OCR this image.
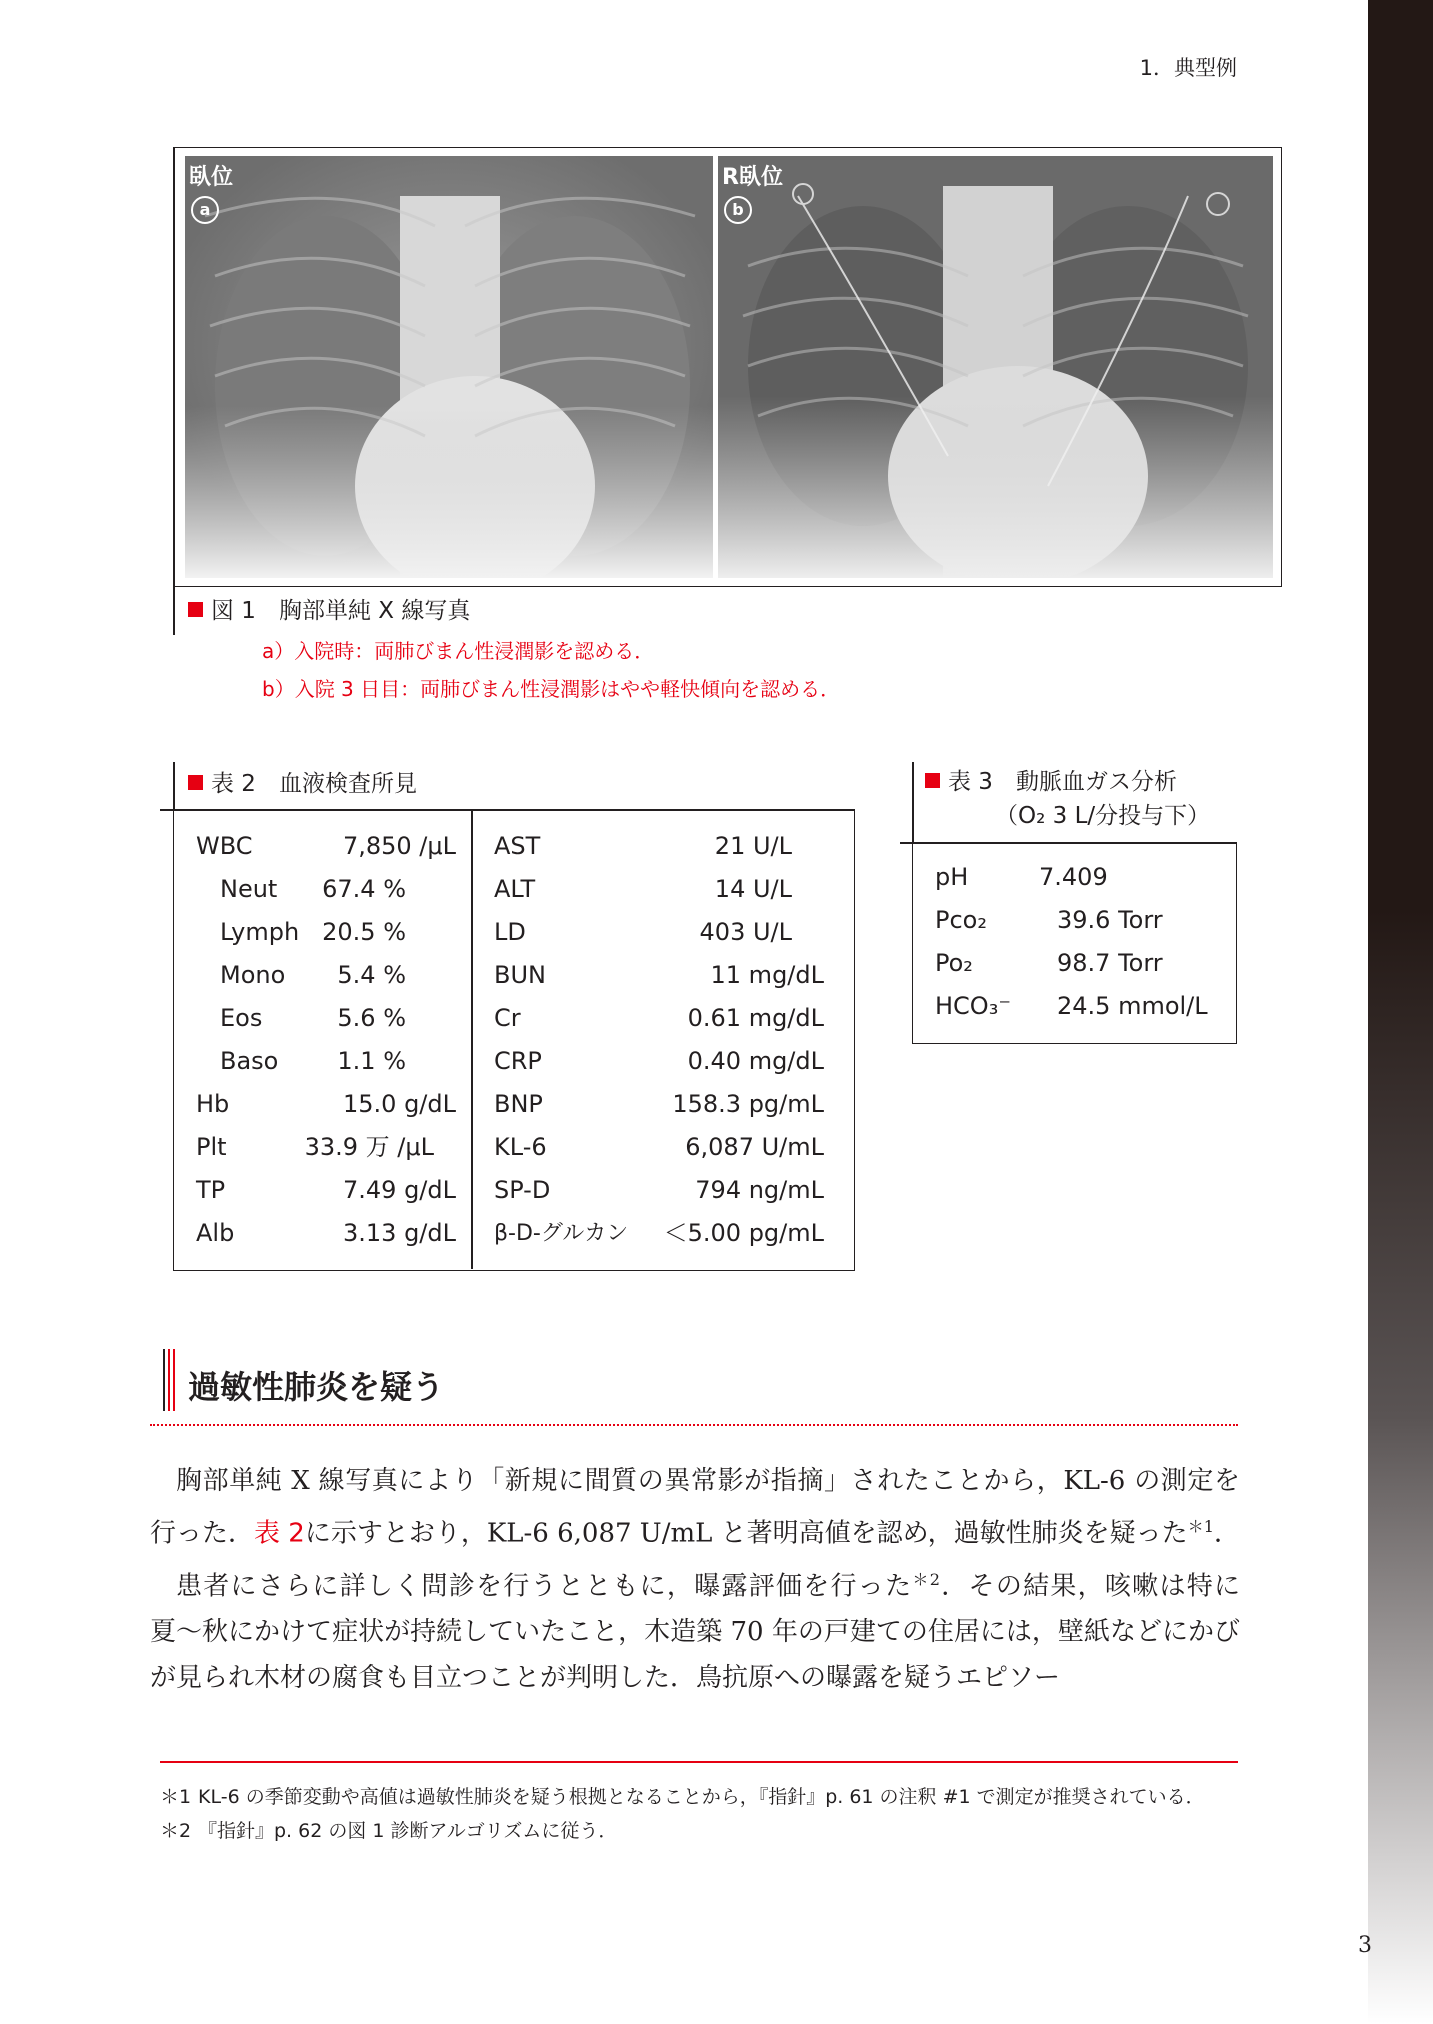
1．典型例
臥位
a
R臥位
b
図 1　胸部単純 X 線写真
a）入院時：両肺びまん性浸潤影を認める．
b）入院 3 日目：両肺びまん性浸潤影はやや軽快傾向を認める．
表 2　血液検査所見
WBC	7,850 /μL
Neut 67.4 %
Lymph 20.5 %
Mono 5.4 %
Eos	5.6 %
Baso 1.1 %
Hb	15.0 g/dL
Plt	33.9 万 /μL
TP	7.49 g/dL
Alb	3.13 g/dL
AST	21 U/L
ALT	14 U/L
LD	403 U/L
BUN	11 mg/dL
Cr	0.61 mg/dL
CRP	0.40 mg/dL
BNP	158.3 pg/mL
KL-6	6,087 U/mL
SP-D	794 ng/mL
β-D-グルカン ＜5.00 pg/mL
表 3　動脈血ガス分析
（O₂ 3 L/分投与下）
pH	7.409
Pco₂	39.6 Torr
Po₂	98.7 Torr
HCO₃⁻ 24.5 mmol/L
過敏性肺炎を疑う

胸部単純 X 線写真により「新規に間質の異常影が指摘」されたことから，KL-6 の測定を行った．表 2に示すとおり，KL-6 6,087 U/mL と著明高値を認め，過敏性肺炎を疑った$^{*1}$．

患者にさらに詳しく問診を行うとともに，曝露評価を行った$^{*2}$．その結果，咳嗽は特に夏〜秋にかけて症状が持続していたこと，木造築 70 年の戸建ての住居には，壁紙などにかびが見られ木材の腐食も目立つことが判明した．鳥抗原への曝露を疑うエピソー

＊1 KL-6 の季節変動や高値は過敏性肺炎を疑う根拠となることから，『指針』p. 61 の注釈 #1 で測定が推奨されている．
＊2 『指針』p. 62 の図 1 診断アルゴリズムに従う．
3
